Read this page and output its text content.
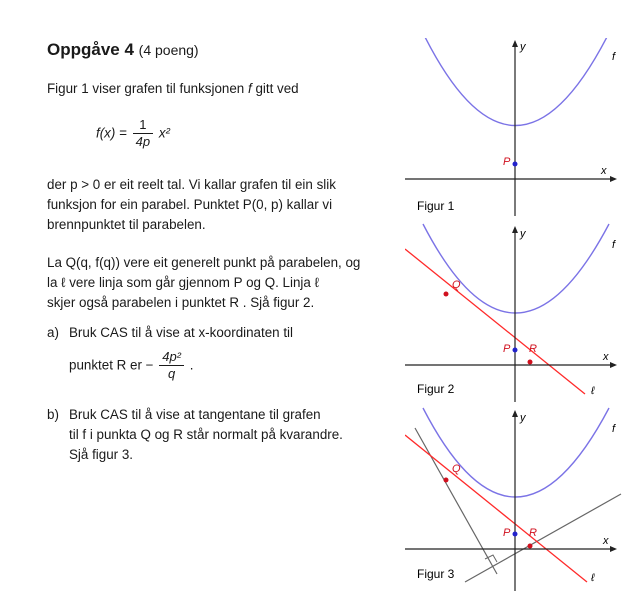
Oppgåve 4 (4 poeng)
Figur 1 viser grafen til funksjonen f gitt ved
$f(x) = \frac{1}{4p} x^2$
der p > 0 er eit reelt tal. Vi kallar grafen til ein slik
funksjon for ein parabel. Punktet P(0, p) kallar vi
brennpunktet til parabelen.
La Q(q, f(q)) vere eit generelt punkt på parabelen, og
la ℓ vere linja som går gjennom P og Q. Linja ℓ
skjer også parabelen i punktet R . Sjå figur 2.
a) Bruk CAS til å vise at x-koordinaten til
punktet R er − $\frac{\text{4p²}}{q}$ .
b) Bruk CAS til å vise at tangentane til grafen
til f i punkta Q og R står normalt på kvarandre.
Sjå figur 3.
P
y
x
f
Figur 1
Q
P R
y
x
f
ℓ
Figur 2
Q
P R
y
x
f
ℓ
Figur 3
